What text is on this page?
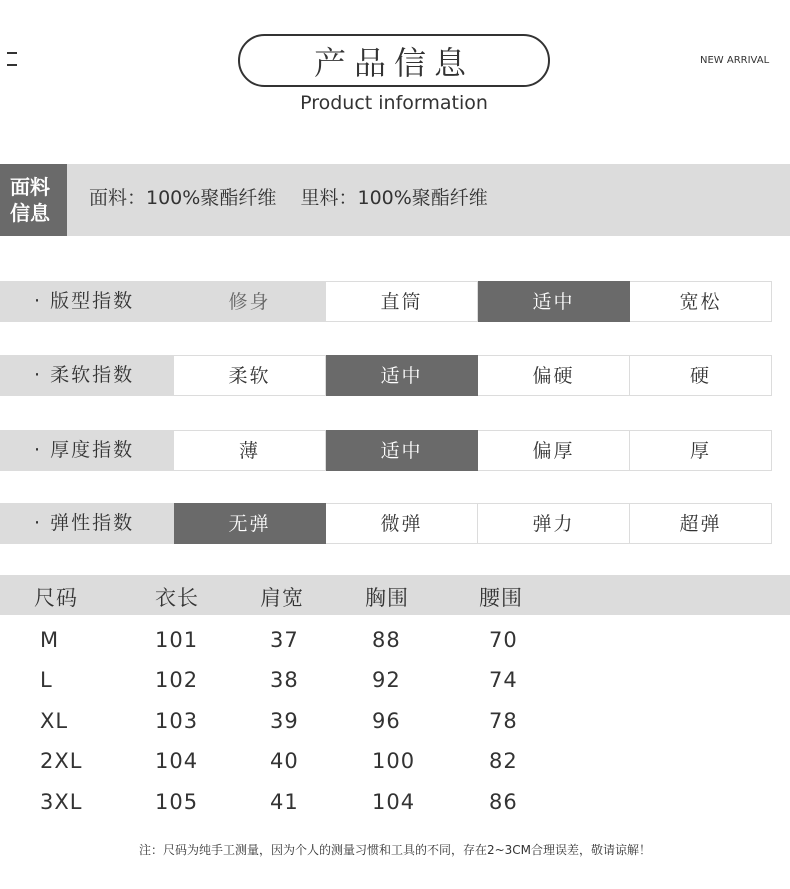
产品信息
Product information
NEW ARRIVAL
面料
信息
面料：100%聚酯纤维    里料：100%聚酯纤维
· 版型指数	修身	直筒	适中	宽松
· 柔软指数	柔软	适中	偏硬	硬
· 厚度指数	薄	适中	偏厚	厚
· 弹性指数	无弹	微弹	弹力	超弹
尺码	衣长	肩宽	胸围	腰围
M	101	37	88	70
L	102	38	92	74
XL	103	39	96	78
2XL	104	40	100	82
3XL	105	41	104	86
注：尺码为纯手工测量，因为个人的测量习惯和工具的不同，存在2~3CM合理误差，敬请谅解！
